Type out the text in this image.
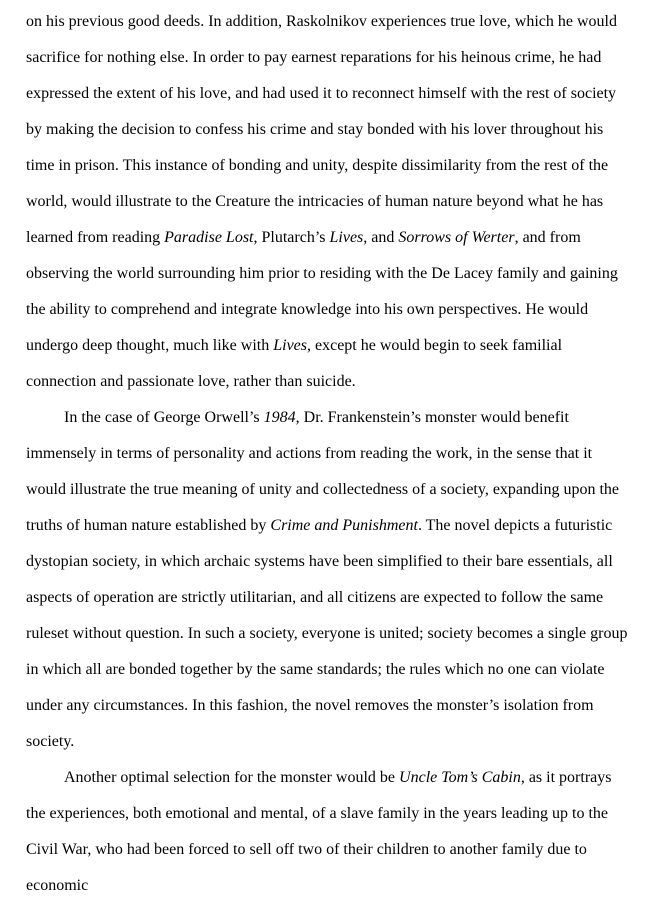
on his previous good deeds. In addition, Raskolnikov experiences true love, which he would sacrifice for nothing else. In order to pay earnest reparations for his heinous crime, he had expressed the extent of his love, and had used it to reconnect himself with the rest of society by making the decision to confess his crime and stay bonded with his lover throughout his time in prison. This instance of bonding and unity, despite dissimilarity from the rest of the world, would illustrate to the Creature the intricacies of human nature beyond what he has learned from reading Paradise Lost, Plutarch’s Lives, and Sorrows of Werter, and from observing the world surrounding him prior to residing with the De Lacey family and gaining the ability to comprehend and integrate knowledge into his own perspectives. He would undergo deep thought, much like with Lives, except he would begin to seek familial connection and passionate love, rather than suicide.

In the case of George Orwell’s 1984, Dr. Frankenstein’s monster would benefit immensely in terms of personality and actions from reading the work, in the sense that it would illustrate the true meaning of unity and collectedness of a society, expanding upon the truths of human nature established by Crime and Punishment. The novel depicts a futuristic dystopian society, in which archaic systems have been simplified to their bare essentials, all aspects of operation are strictly utilitarian, and all citizens are expected to follow the same ruleset without question. In such a society, everyone is united; society becomes a single group in which all are bonded together by the same standards; the rules which no one can violate under any circumstances. In this fashion, the novel removes the monster’s isolation from society.

Another optimal selection for the monster would be Uncle Tom’s Cabin, as it portrays the experiences, both emotional and mental, of a slave family in the years leading up to the Civil War, who had been forced to sell off two of their children to another family due to economic
